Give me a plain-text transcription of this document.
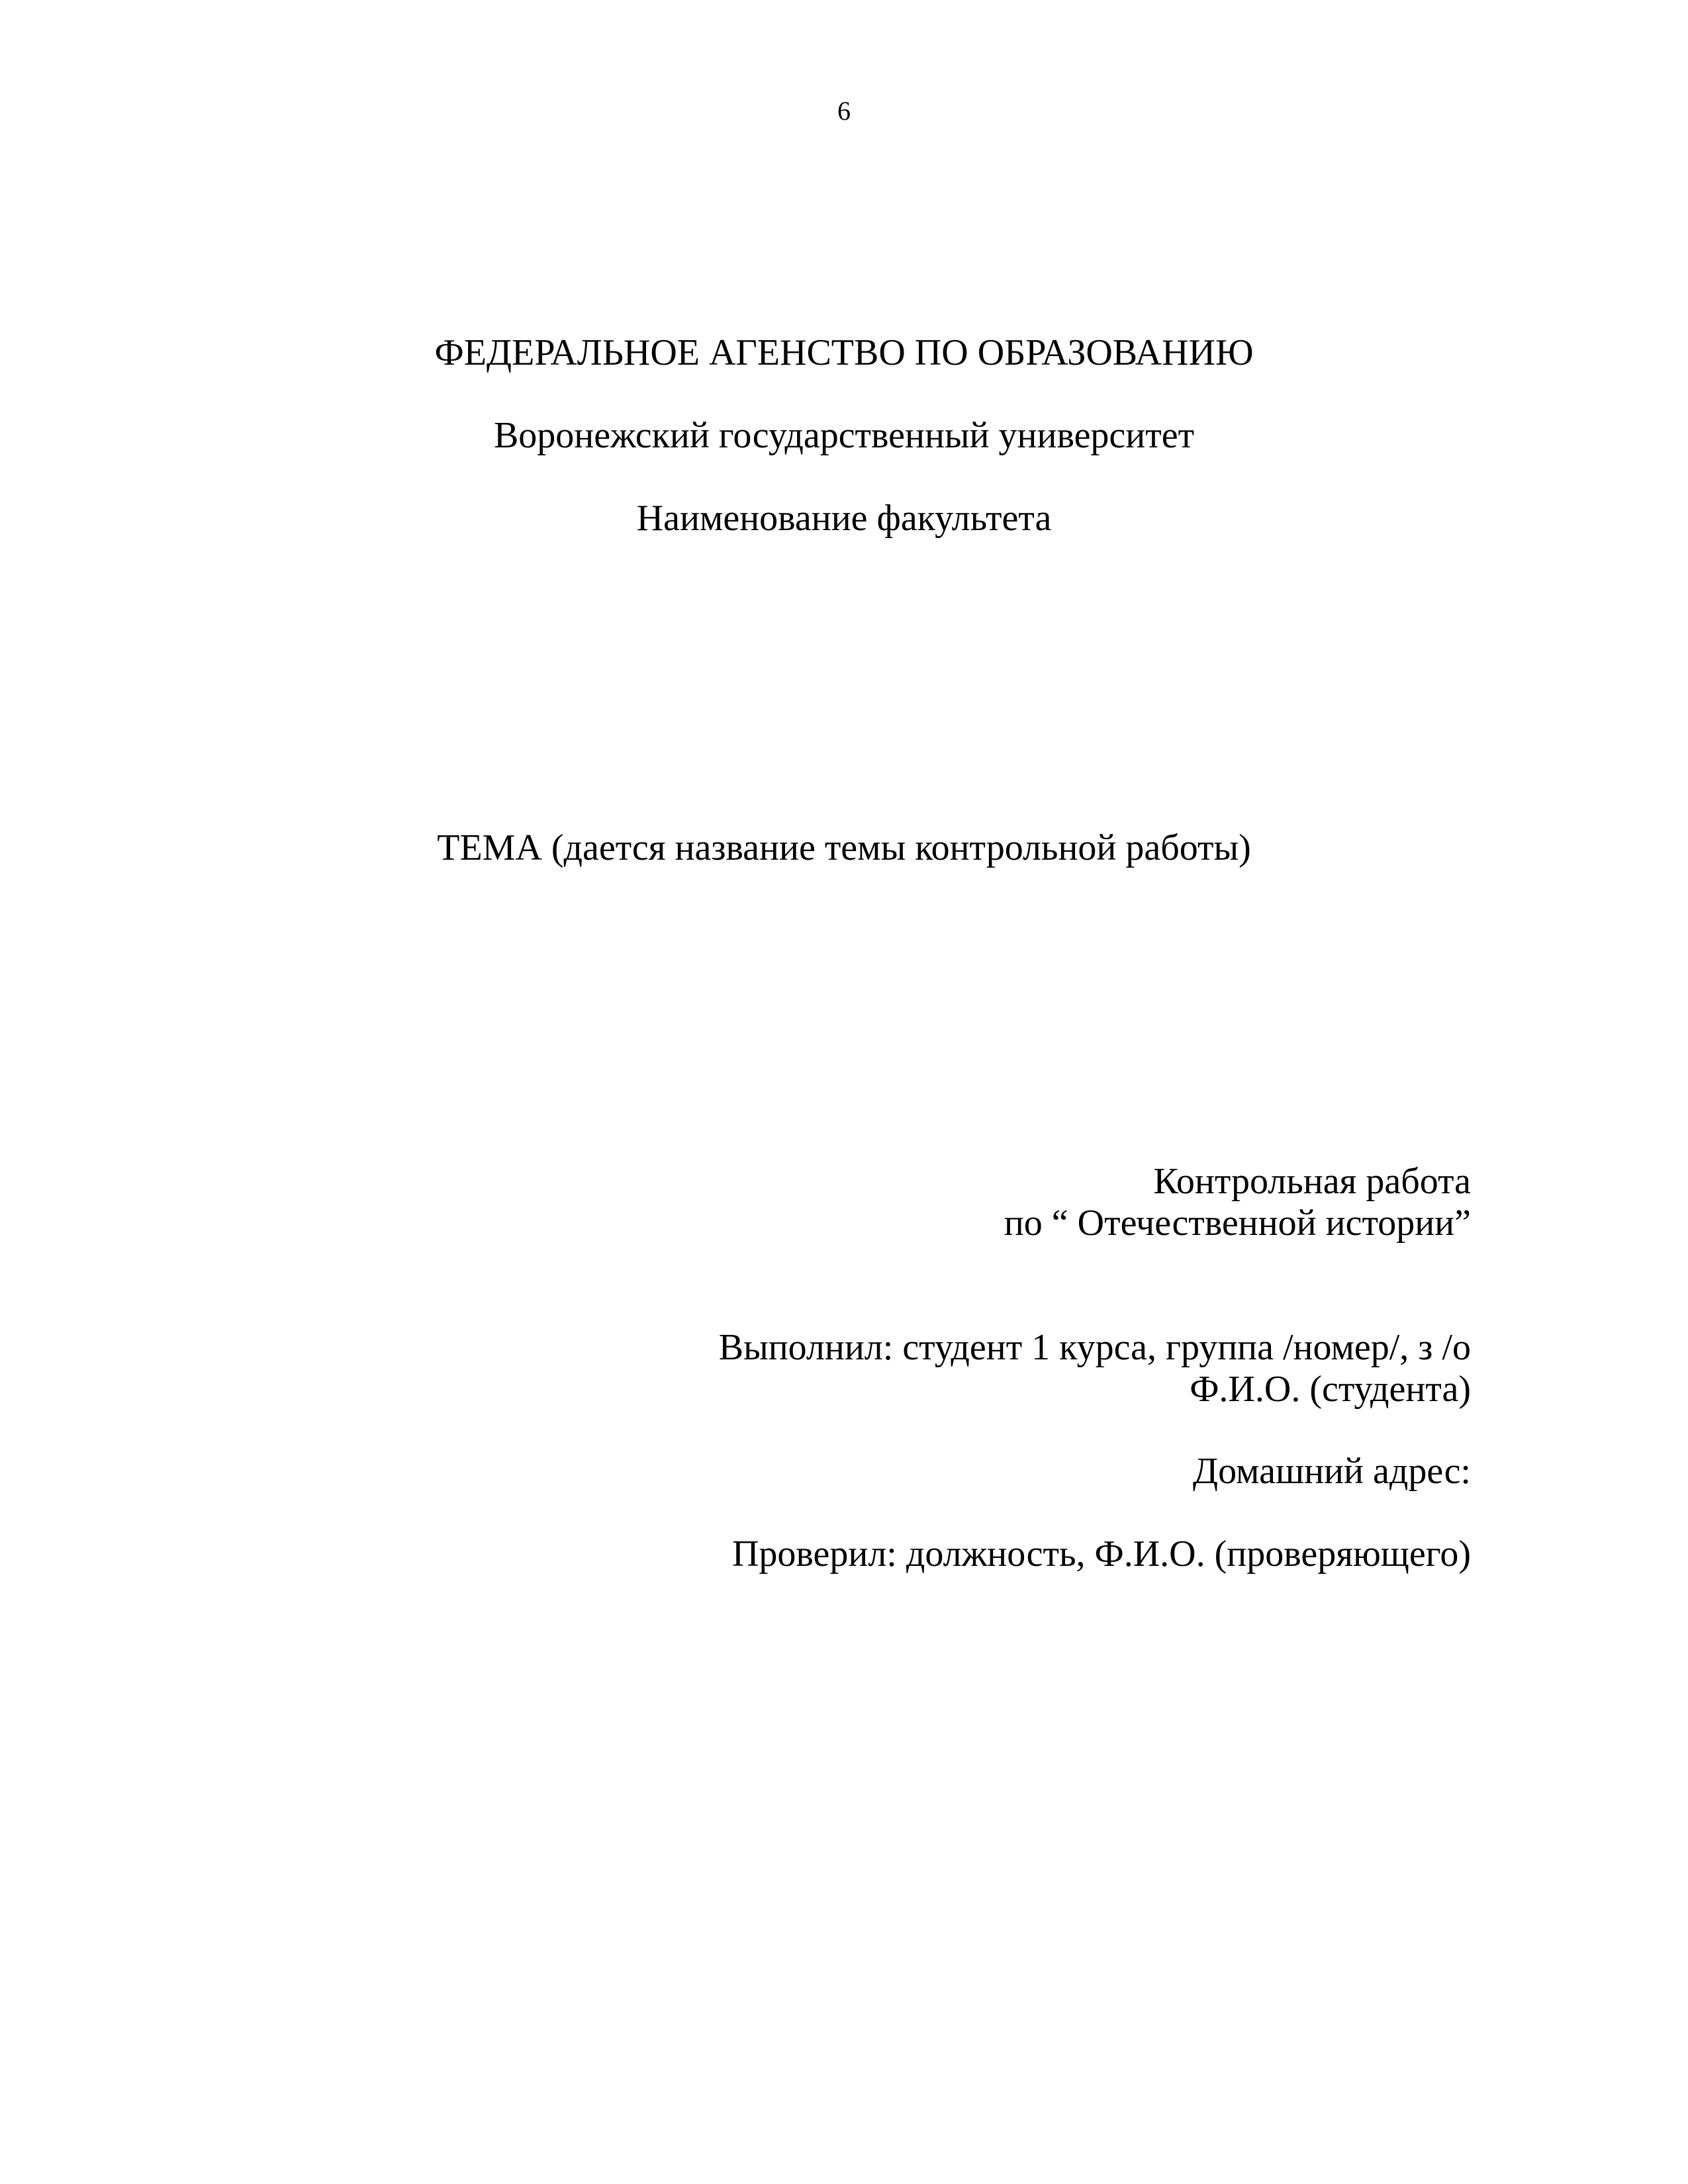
6
ФЕДЕРАЛЬНОЕ АГЕНСТВО ПО ОБРАЗОВАНИЮ
Воронежский государственный университет
Наименование факультета
ТЕМА (дается название темы контрольной работы)
Контрольная работа
по “ Отечественной истории”
Выполнил: студент 1 курса, группа /номер/, з /о
Ф.И.О. (студента)
Домашний адрес:
Проверил: должность, Ф.И.О. (проверяющего)
